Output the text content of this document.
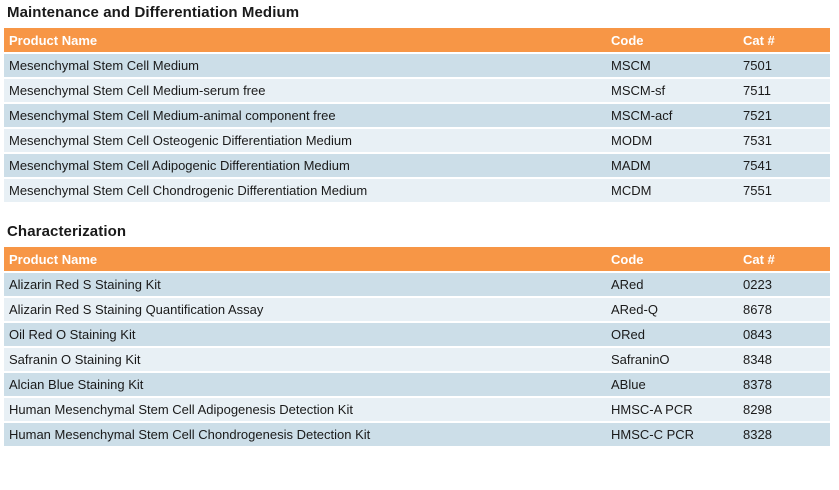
Maintenance and Differentiation Medium
Product Name	Code	Cat #
Mesenchymal Stem Cell Medium	MSCM	7501
Mesenchymal Stem Cell Medium-serum free	MSCM-sf	7511
Mesenchymal Stem Cell Medium-animal component free	MSCM-acf	7521
Mesenchymal Stem Cell Osteogenic Differentiation Medium	MODM	7531
Mesenchymal Stem Cell Adipogenic Differentiation Medium	MADM	7541
Mesenchymal Stem Cell Chondrogenic Differentiation Medium	MCDM	7551
Characterization
Product Name	Code	Cat #
Alizarin Red S Staining Kit	ARed	0223
Alizarin Red S Staining Quantification Assay	ARed-Q	8678
Oil Red O Staining Kit	ORed	0843
Safranin O Staining Kit	SafraninO	8348
Alcian Blue Staining Kit	ABlue	8378
Human Mesenchymal Stem Cell Adipogenesis Detection Kit	HMSC-A PCR	8298
Human Mesenchymal Stem Cell Chondrogenesis Detection Kit	HMSC-C PCR	8328
